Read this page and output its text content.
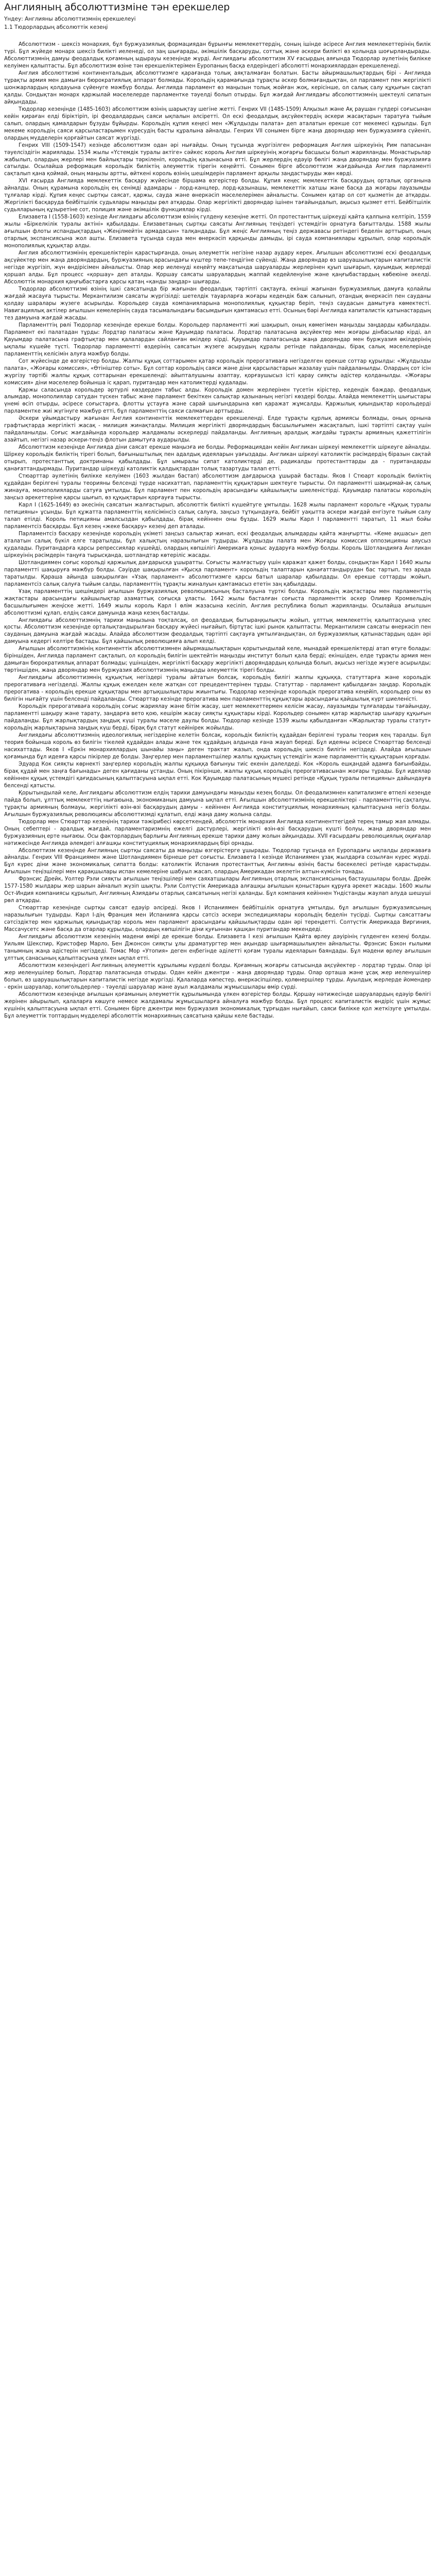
Англияның абсолюттизміне тән ерекшелер
Үндеу: Англияны абсолюттизмнің ерекшелеуі
1.1 Тюдорлардың абсолюттік кезеңі

Абсолюттизм - шексіз монархия, бұл буржуазиялық формациядан бұрынғы мемлекеттердің, соның ішінде әсіресе Англия мемлекеттерінің билік түрі. Бұл жүйеде монарх шексіз билікті иеленеді, ол заң шығарады, әкімшілік басқаруды, соттық және әскери билікті өз қолында шоғырландырады. Абсолюттизмнің дамуы феодалдық қоғамның ыдырауы кезеңінде жүрді. Англиядағы абсолюттизм XV ғасырдың аяғында Тюдорлар әулетінің билікке келуімен қалыптасты. Бұл абсолюттизм өзіне тән ерекшеліктерімен Еуропаның басқа елдеріндегі абсолютті монархиялардан ерекшеленеді.

Англия абсолюттизмі континентальдық абсолюттизмге қарағанда толық аяқталмаған болатын. Басты айырмашылықтардың бірі - Англияда тұрақты армия мен дамыған бюрократиялық аппарат болмады. Корольдің қарамағында тұрақты әскер болмағандықтан, ол парламент пен жергілікті шонжарлардың қолдауына сүйенуге мәжбүр болды. Англияда парламент өз маңызын толық жойған жоқ, керісінше, ол салық салу құқығын сақтап қалды. Сондықтан монарх қаржылай мәселелерде парламентке тәуелді болып отырды. Бұл жағдай Англиядағы абсолюттизмнің шектеулі сипатын айқындады.

Тюдорлар кезеңінде (1485-1603) абсолюттизм өзінің шарықтау шегіне жетті. Генрих VII (1485-1509) Алқызыл және Ақ раушан гүлдері соғысынан кейін қираған елді біріктіріп, ірі феодалдардың саяси ықпалын әлсіретті. Ол ескі феодалдық ақсүйектердің әскери жасақтарын таратуға тыйым салып, олардың қамалдарын бұзуды бұйырды. Корольдің құпия кеңесі мен «Жұлдызды палата» деп аталатын ерекше сот мекемесі құрылды. Бұл мекеме корольдің саяси қарсыластарымен күресудің басты құралына айналды. Генрих VII сонымен бірге жаңа дворяндар мен буржуазияға сүйеніп, олардың мүдделерін қорғайтын саясат жүргізді.

Генрих VIII (1509-1547) кезінде абсолюттизм одан әрі нығайды. Оның тұсында жүргізілген реформация Англия шіркеуінің Рим папасынан тәуелсіздігін жариялады. 1534 жылы «Үстемдік туралы актіге» сәйкес король Англия шіркеуінің жоғарғы басшысы болып жарияланды. Монастырьлар жабылып, олардың жерлері мен байлықтары тәркіленіп, корольдің қазынасына өтті. Бұл жерлердің едәуір бөлігі жаңа дворяндар мен буржуазияға сатылды. Осылайша реформация корольдік биліктің әлеуметтік тірегін кеңейтті. Сонымен бірге абсолюттизм жағдайында Англия парламенті сақталып қана қоймай, оның маңызы артты, өйткені король өзінің шешімдерін парламент арқылы заңдастыруды жөн көрді.

XVI ғасырда Англияда мемлекеттік басқару жүйесінде біршама өзгерістер болды. Құпия кеңес мемлекеттік басқарудың орталық органына айналды. Оның құрамына корольдің ең сенімді адамдары - лорд-канцлер, лорд-қазынашы, мемлекеттік хатшы және басқа да жоғары лауазымды тұлғалар кірді. Құпия кеңес сыртқы саясат, қаржы, сауда және өнеркәсіп мәселелерімен айналысты. Сонымен қатар ол сот қызметін де атқарды. Жергілікті басқаруда бейбітшілік судьялары маңызды рөл атқарды. Олар жергілікті дворяндар ішінен тағайындалып, ақысыз қызмет етті. Бейбітшілік судьяларының құзыретіне сот, полиция және әкімшілік функциялар кірді.

Елизавета I (1558-1603) кезінде Англиядағы абсолюттизм өзінің гүлдену кезеңіне жетті. Ол протестанттық шіркеуді қайта қалпына келтіріп, 1559 жылы «Біркелкілік туралы актіні» қабылдады. Елизаветаның сыртқы саясаты Англияның теңіздегі үстемдігін орнатуға бағытталды. 1588 жылы ағылшын флоты испандықтардың «Жеңілмейтін армадасын» талқандады. Бұл жеңіс Англияның теңіз державасы ретіндегі беделін арттырып, оның отарлық экспансиясына жол ашты. Елизавета тұсында сауда мен өнеркәсіп қарқынды дамыды, ірі сауда компаниялары құрылып, олар корольдік монополиялық құқықтар алды.

Англия абсолюттизмінің ерекшеліктерін қарастырғанда, оның әлеуметтік негізіне назар аудару керек. Ағылшын абсолюттизмі ескі феодалдық ақсүйектер мен жаңа дворяндардың, буржуазияның арасындағы күштер тепе-теңдігіне сүйенді. Жаңа дворяндар өз шаруашылықтарын капиталистік негізде жүргізіп, жүн өндірісімен айналысты. Олар жер иеленуді кеңейту мақсатында шаруаларды жерлерінен қуып шығарып, қауымдық жерлерді қоршап алды. Бұл процесс «қоршау» деп аталды. Қоршау саясаты шаруалардың жаппай кедейленуіне және қаңғыбастардың көбеюіне әкелді. Абсолюттік монархия қаңғыбастарға қарсы қатаң «қанды заңдар» шығарды.

Тюдорлар абсолюттизмі өзінің ішкі саясатында бір жағынан феодалдық тәртіпті сақтауға, екінші жағынан буржуазиялық дамуға қолайлы жағдай жасауға тырысты. Меркантилизм саясаты жүргізілді: шетелдік тауарларға жоғары кедендік баж салынып, отандық өнеркәсіп пен сауданы қолдау шаралары жүзеге асырылды. Корольдер сауда компанияларына монополиялық құқықтар беріп, теңіз саудасын дамытуға көмектесті. Навигациялық актілер ағылшын кемелерінің сауда тасымалындағы басымдығын қамтамасыз етті. Осының бәрі Англияда капиталистік қатынастардың тез дамуына жағдай жасады.

Парламенттің рөлі Тюдорлар кезеңінде ерекше болды. Корольдер парламентті жиі шақырып, оның көмегімен маңызды заңдарды қабылдады. Парламент екі палатадан тұрды: Лордтар палатасы және Қауымдар палатасы. Лордтар палатасына ақсүйектер мен жоғары дінбасылар кірді, ал Қауымдар палатасына графтықтар мен қалалардан сайланған өкілдер кірді. Қауымдар палатасында жаңа дворяндар мен буржуазия өкілдерінің ықпалы күшейе түсті. Тюдорлар парламентті өздерінің саясатын жүзеге асырудың құралы ретінде пайдаланды, бірақ салық мәселелерінде парламенттің келісімін алуға мәжбүр болды.

Сот жүйесінде де өзгерістер болды. Жалпы құқық соттарымен қатар корольдік прерогативаға негізделген ерекше соттар құрылды: «Жұлдызды палата», «Жоғары комиссия», «Өтініштер соты». Бұл соттар корольдің саяси және діни қарсыластарын жазалау үшін пайдаланылды. Олардың сот ісін жүргізу тәртібі жалпы құқық соттарынан ерекшеленді: айыпталушыны азаптау, қорғаушысыз істі қарау сияқты әдістер қолданылды. «Жоғары комиссия» діни мәселелер бойынша іс қарап, пуритандар мен католиктерді қудалады.

Қаржы саласында корольдер әртүрлі көздерден табыс алды. Корольдік домен жерлерінен түсетін кірістер, кедендік баждар, феодалдық алымдар, монополиялар сатудан түскен табыс және парламент бекіткен салықтар қазынаның негізгі көздері болды. Алайда мемлекеттің шығыстары үнемі өсіп отырды, әсіресе соғыстарға, флотты ұстауға және сарай шығындарына көп қаражат жұмсалды. Қаржылық қиындықтар корольдерді парламентке жиі жүгінуге мәжбүр етті, бұл парламенттің саяси салмағын арттырды.

Әскери ұйымдастыру жағынан Англия континенттік мемлекеттерден ерекшеленді. Елде тұрақты құрлық армиясы болмады, оның орнына графтықтарда жергілікті жасақ - милиция жинақталды. Милиция жергілікті дворяндардың басшылығымен жасақталып, ішкі тәртіпті сақтау үшін пайдаланылды. Соғыс жағдайында корольдер жалдамалы әскерлерді пайдаланды. Англияның аралдық жағдайы тұрақты армияның қажеттілігін азайтып, негізгі назар әскери-теңіз флотын дамытуға аударылды.

Абсолюттизм кезеңінде Англияда діни саясат ерекше маңызға ие болды. Реформациядан кейін Англикан шіркеуі мемлекеттік шіркеуге айналды. Шіркеу корольдік биліктің тірегі болып, бағыныштылық пен адалдық идеяларын уағыздады. Англикан шіркеуі католиктік рәсімдердің біразын сақтай отырып, протестанттық доктринаны қабылдады. Бұл ымыралы сипат католиктерді де, радикалды протестанттарды да - пуритандарды қанағаттандырмады. Пуритандар шіркеуді католиктік қалдықтардан толық тазартуды талап етті.

Стюарттар әулетінің билікке келуімен (1603 жылдан бастап) абсолюттизм дағдарысқа ұшырай бастады. Яков I Стюарт корольдік биліктің құдайдан берілгені туралы теорияны белсенді түрде насихаттап, парламенттің құқықтарын шектеуге тырысты. Ол парламентті шақырмай-ақ салық жинауға, монополияларды сатуға ұмтылды. Бұл парламент пен корольдің арасындағы қайшылықты шиеленістірді. Қауымдар палатасы корольдің заңсыз әрекеттеріне қарсы шығып, өз құқықтарын қорғауға тырысты.

Карл I (1625-1649) өз әкесінің саясатын жалғастырып, абсолюттік билікті күшейтуге ұмтылды. 1628 жылы парламент корольге «Құқық туралы петицияны» ұсынды. Бұл құжатта парламенттің келісімінсіз салық салуға, заңсыз тұтқындауға, бейбіт уақытта әскери жағдай енгізуге тыйым салу талап етілді. Король петицияны амалсыздан қабылдады, бірақ кейіннен оны бұзды. 1629 жылы Карл I парламентті таратып, 11 жыл бойы парламентсіз басқарды. Бұл кезең «жеке басқару» кезеңі деп аталады.

Парламентсіз басқару кезеңінде корольдің үкіметі заңсыз салықтар жинап, ескі феодалдық алымдарды қайта жаңғыртты. «Кеме ақшасы» деп аталатын салық бүкіл елге таратылды, бұл халықтың наразылығын тудырды. Жұлдызды палата мен Жоғары комиссия оппозицияны аяусыз қудалады. Пуритандарға қарсы репрессиялар күшейді, олардың көпшілігі Америкаға қоныс аударуға мәжбүр болды. Король Шотландияға Англикан шіркеуінің рәсімдерін таңуға тырысқанда, шотландтар көтеріліс жасады.

Шотландиямен соғыс корольді қаржылық дағдарысқа ұшыратты. Соғысты жалғастыру үшін қаражат қажет болды, сондықтан Карл I 1640 жылы парламентті шақыруға мәжбүр болды. Сәуірде шақырылған «Қысқа парламент» корольдің талаптарын қанағаттандырудан бас тартып, тез арада таратылды. Қараша айында шақырылған «Ұзақ парламент» абсолюттизмге қарсы батыл шаралар қабылдады. Ол ерекше соттарды жойып, парламентсіз салық салуға тыйым салды, парламенттің тұрақты жиналуын қамтамасыз ететін заң қабылдады.

Ұзақ парламенттің шешімдері ағылшын буржуазиялық революциясының басталуына түрткі болды. Корольдің жақтастары мен парламенттің жақтастары арасындағы қайшылықтар азаматтық соғысқа ұласты. 1642 жылы басталған соғыста парламенттік әскер Оливер Кромвельдің басшылығымен жеңіске жетті. 1649 жылы король Карл I өлім жазасына кесіліп, Англия республика болып жарияланды. Осылайша ағылшын абсолюттизмі құлап, елдің саяси дамуында жаңа кезең басталды.

Англиядағы абсолюттизмнің тарихи маңызына тоқталсақ, ол феодалдық бытыраңқылықты жойып, ұлттық мемлекеттің қалыптасуына үлес қосты. Абсолюттизм кезеңінде орталықтандырылған басқару жүйесі нығайып, біртұтас ішкі рынок қалыптасты. Меркантилизм саясаты өнеркәсіп пен сауданың дамуына жағдай жасады. Алайда абсолюттизм феодалдық тәртіпті сақтауға ұмтылғандықтан, ол буржуазиялық қатынастардың одан әрі дамуына кедергі келтіре бастады. Бұл қайшылық революцияға алып келді.

Ағылшын абсолюттизмінің континенттік абсолюттизмнен айырмашылықтарын қорытындылай келе, мынадай ерекшеліктерді атап өтуге болады: біріншіден, Англияда парламент сақталып, ол корольдің билігін шектейтін маңызды институт болып қала берді; екіншіден, елде тұрақты армия мен дамыған бюрократиялық аппарат болмады; үшіншіден, жергілікті басқару жергілікті дворяндардың қолында болып, ақысыз негізде жүзеге асырылды; төртіншіден, жаңа дворяндар мен буржуазия абсолюттизмнің маңызды әлеуметтік тірегі болды.

Англиядағы абсолюттизмнің құқықтық негіздері туралы айтатын болсақ, корольдің билігі жалпы құқыққа, статуттарға және корольдік прерогативаға негізделді. Жалпы құқық ежелден келе жатқан сот прецеденттерінен тұрды. Статуттар - парламент қабылдаған заңдар. Корольдік прерогатива - корольдің ерекше құқықтары мен артықшылықтары жиынтығы. Тюдорлар кезеңінде корольдік прерогатива кеңейіп, корольдер оны өз билігін нығайту үшін белсенді пайдаланды. Стюарттар кезінде прерогатива мен парламенттің құқықтары арасындағы қайшылық күрт шиеленісті.

Корольдік прерогативаға корольдің соғыс жариялау және бітім жасау, шет мемлекеттермен келісім жасау, лауазымды тұлғаларды тағайындау, парламентті шақыру және тарату, заңдарға вето қою, кешірім жасау сияқты құқықтары кірді. Корольдер сонымен қатар жарлықтар шығару құқығын пайдаланды. Бұл жарлықтардың заңдық күші туралы мәселе даулы болды. Тюдорлар кезінде 1539 жылы қабылданған «Жарлықтар туралы статут» корольдің жарлықтарына заңдық күш берді, бірақ бұл статут кейінірек жойылды.

Англиядағы абсолюттизмнің идеологиялық негіздеріне келетін болсақ, корольдік биліктің құдайдан берілгені туралы теория кең таралды. Бұл теория бойынша король өз билігін тікелей құдайдан алады және тек құдайдың алдында ғана жауап береді. Бұл идеяны әсіресе Стюарттар белсенді насихаттады. Яков I «Еркін монархиялардың шынайы заңы» деген трактат жазып, онда корольдің шексіз билігін негіздеді. Алайда ағылшын қоғамында бұл идеяға қарсы пікірлер де болды. Заңгерлер мен парламентшілер жалпы құқықтың үстемдігін және парламенттің құқықтарын қорғады.

Эдуард Кок сияқты көрнекті заңгерлер корольдің жалпы құқыққа бағынуы тиіс екенін дәлелдеді. Кок «Король ешқандай адамға бағынбайды, бірақ құдай мен заңға бағынады» деген қағиданы ұстанды. Оның пікірінше, жалпы құқық корольдің прерогативасынан жоғары тұрады. Бұл идеялар кейіннен құқық үстемдігі қағидасының қалыптасуына ықпал етті. Кок Қауымдар палатасының мүшесі ретінде «Құқық туралы петицияны» дайындауға белсенді қатысты.

Қорытындылай келе, Англиядағы абсолюттизм елдің тарихи дамуындағы маңызды кезең болды. Ол феодализмнен капитализмге өтпелі кезеңде пайда болып, ұлттық мемлекеттің нығаюына, экономиканың дамуына ықпал етті. Ағылшын абсолюттизмінің ерекшеліктері - парламенттің сақталуы, тұрақты армияның болмауы, жергілікті өзін-өзі басқарудың дамуы - кейіннен Англияда конституциялық монархияның қалыптасуына негіз болды. Ағылшын буржуазиялық революциясы абсолюттизмді құлатып, елді жаңа даму жолына салды.

Тюдорлар мен Стюарттар кезеңінің тарихи тәжірибесі көрсеткендей, абсолюттік монархия Англияда континенттегідей терең тамыр жая алмады. Оның себептері - аралдық жағдай, парламентаризмнің ежелгі дәстүрлері, жергілікті өзін-өзі басқарудың күшті болуы, жаңа дворяндар мен буржуазияның ерте нығаюы. Осы факторлардың барлығы Англияның ерекше тарихи даму жолын айқындады. XVII ғасырдағы революциялық оқиғалар нәтижесінде Англияда әлемдегі алғашқы конституциялық монархиялардың бірі орнады.

Абсолюттизм кезеңінде Англияның сыртқы саясаты да маңызды өзгерістерге ұшырады. Тюдорлар тұсында ел Еуропадағы ықпалды державаға айналды. Генрих VIII Франциямен және Шотландиямен бірнеше рет соғысты. Елизавета I кезінде Испаниямен ұзақ жылдарға созылған күрес жүрді. Бұл күрес діни және экономикалық сипатта болды: католиктік Испания протестанттық Англияны өзінің басты бәсекелесі ретінде қарастырды. Ағылшын теңізшілері мен қарақшылары испан кемелеріне шабуыл жасап, олардың Америкадан әкелетін алтын-күмісін тонады.

Фрэнсис Дрейк, Уолтер Рэли сияқты ағылшын теңізшілері мен саяхатшылары Англияның отарлық экспансиясының бастаушылары болды. Дрейк 1577-1580 жылдары жер шарын айналып жүзіп шықты. Рэли Солтүстік Америкада алғашқы ағылшын қоныстарын құруға әрекет жасады. 1600 жылы Ост-Индия компаниясы құрылып, Англияның Азиядағы отарлық саясатының негізі қаланды. Бұл компания кейіннен Үндістанды жаулап алуда шешуші рөл атқарды.

Стюарттар кезеңінде сыртқы саясат едәуір әлсіреді. Яков I Испаниямен бейбітшілік орнатуға ұмтылды, бұл ағылшын буржуазиясының наразылығын тудырды. Карл I-дің Франция мен Испанияға қарсы сәтсіз әскери экспедициялары корольдің беделін түсірді. Сыртқы саясаттағы сәтсіздіктер мен қаржылық қиындықтар король мен парламент арасындағы қайшылықтарды одан әрі тереңдетті. Солтүстік Америкада Виргиния, Массачусетс және басқа да отарлар құрылды, олардың көпшілігін діни қуғыннан қашқан пуритандар мекендеді.

Англиядағы абсолюттизм кезеңінің мәдени өмірі де ерекше болды. Елизавета I кезі ағылшын Қайта өрлеу дәуірінің гүлденген кезеңі болды. Уильям Шекспир, Кристофер Марло, Бен Джонсон сияқты ұлы драматургтер мен ақындар шығармашылықпен айналысты. Фрэнсис Бэкон ғылыми танымның жаңа әдістерін негіздеді. Томас Мор «Утопия» деген еңбегінде әділетті қоғам туралы идеяларын баяндады. Бұл мәдени өрлеу ағылшын ұлттық санасының қалыптасуына үлкен ықпал етті.

Абсолюттизм кезеңіндегі Англияның әлеуметтік құрылымы күрделі болды. Қоғамның жоғарғы сатысында ақсүйектер - лордтар тұрды. Олар ірі жер иеленушілер болып, Лордтар палатасында отырды. Одан кейін джентри - жаңа дворяндар тұрды. Олар орташа және ұсақ жер иеленушілер болып, өз шаруашылықтарын капиталистік негізде жүргізді. Қалаларда көпестер, өнеркәсіпшілер, қолөнершілер тұрды. Ауылдық жерлерде йомендер - еркін шаруалар, копигольдерлер - тәуелді шаруалар және ауыл жалдамалы жұмысшылары өмір сүрді.

Абсолюттизм кезеңінде ағылшын қоғамының әлеуметтік құрылымында үлкен өзгерістер болды. Қоршау нәтижесінде шаруалардың едәуір бөлігі жерінен айырылып, қалаларға көшуге немесе жалдамалы жұмысшыларға айналуға мәжбүр болды. Бұл процесс капиталистік өндіріс үшін жұмыс күшінің қалыптасуына ықпал етті. Сонымен бірге джентри мен буржуазия экономикалық тұрғыдан нығайып, саяси билікке қол жеткізуге ұмтылды. Бұл әлеуметтік топтардың мүдделері абсолюттік монархияның саясатына қайшы келе бастады.
